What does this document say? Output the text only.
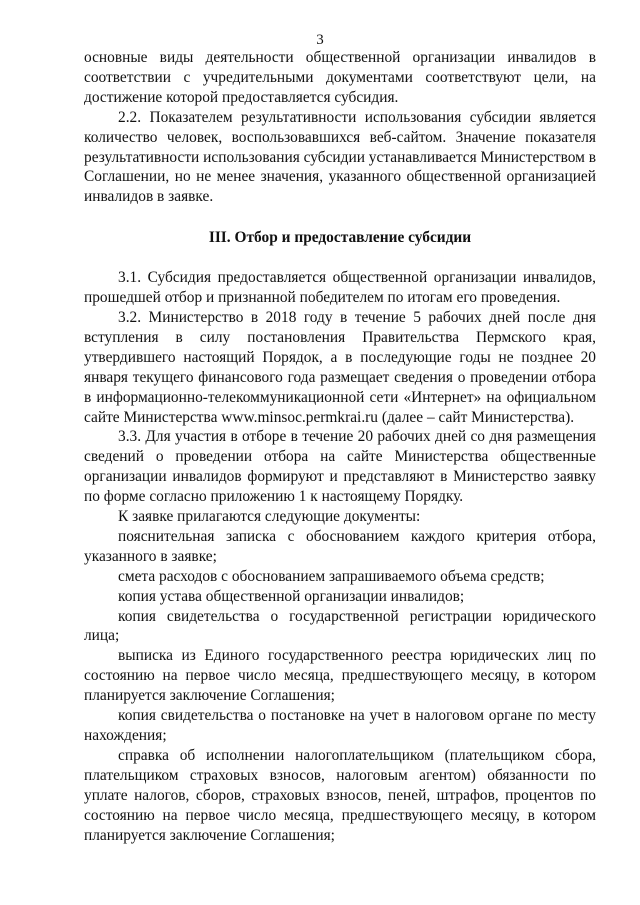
3

основные виды деятельности общественной организации инвалидов в соответствии с учредительными документами соответствуют цели, на достижение которой предоставляется субсидия.

2.2. Показателем результативности использования субсидии является количество человек, воспользовавшихся веб-сайтом. Значение показателя результативности использования субсидии устанавливается Министерством в Соглашении, но не менее значения, указанного общественной организацией инвалидов в заявке.

III. Отбор и предоставление субсидии

3.1. Субсидия предоставляется общественной организации инвалидов, прошедшей отбор и признанной победителем по итогам его проведения.

3.2. Министерство в 2018 году в течение 5 рабочих дней после дня вступления в силу постановления Правительства Пермского края, утвердившего настоящий Порядок, а в последующие годы не позднее 20 января текущего финансового года размещает сведения о проведении отбора в информационно-телекоммуникационной сети «Интернет» на официальном сайте Министерства www.minsoc.permkrai.ru (далее – сайт Министерства).

3.3. Для участия в отборе в течение 20 рабочих дней со дня размещения сведений о проведении отбора на сайте Министерства общественные организации инвалидов формируют и представляют в Министерство заявку по форме согласно приложению 1 к настоящему Порядку.

К заявке прилагаются следующие документы:

пояснительная записка с обоснованием каждого критерия отбора, указанного в заявке;

смета расходов с обоснованием запрашиваемого объема средств;

копия устава общественной организации инвалидов;

копия свидетельства о государственной регистрации юридического лица;

выписка из Единого государственного реестра юридических лиц по состоянию на первое число месяца, предшествующего месяцу, в котором планируется заключение Соглашения;

копия свидетельства о постановке на учет в налоговом органе по месту нахождения;

справка об исполнении налогоплательщиком (плательщиком сбора, плательщиком страховых взносов, налоговым агентом) обязанности по уплате налогов, сборов, страховых взносов, пеней, штрафов, процентов по состоянию на первое число месяца, предшествующего месяцу, в котором планируется заключение Соглашения;
